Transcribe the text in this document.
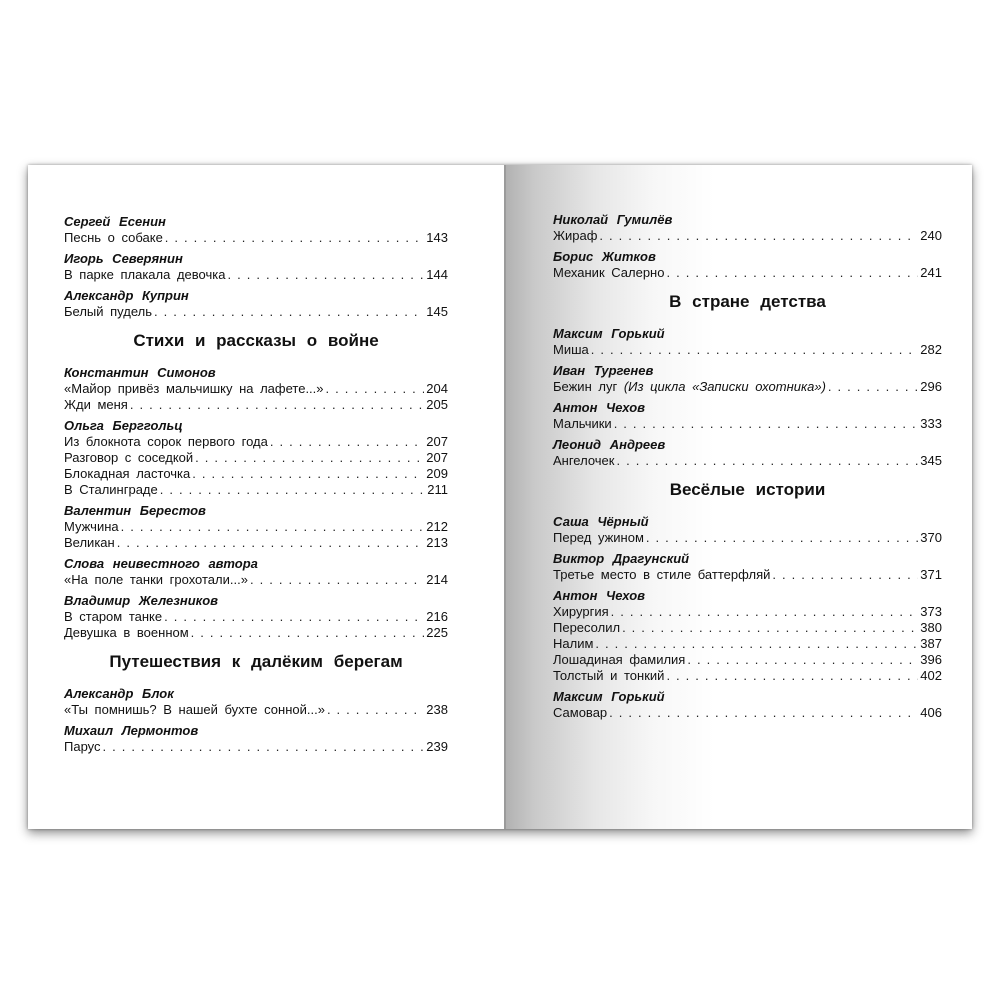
Сергей Есенин
Песнь о собаке . . .	143
Игорь Северянин
В парке плакала девочка . . .	144
Александр Куприн
Белый пудель . . .	145
Стихи и рассказы о войне
Константин Симонов
«Майор привёз мальчишку на лафете...» . . .	204
Жди меня . . .	205
Ольга Берггольц
Из блокнота сорок первого года . . .	207
Разговор с соседкой . . .	207
Блокадная ласточка . . .	209
В Сталинграде . . .	211
Валентин Берестов
Мужчина . . .	212
Великан . . .	213
Слова неивестного автора
«На поле танки грохотали...» . . .	214
Владимир Железников
В старом танке . . .	216
Девушка в военном . . .	225
Путешествия к далёким берегам
Александр Блок
«Ты помнишь? В нашей бухте сонной...» . . .	238
Михаил Лермонтов
Парус . . .	239
Николай Гумилёв
Жираф . . .	240
Борис Житков
Механик Салерно . . .	241
В стране детства
Максим Горький
Миша . . .	282
Иван Тургенев
Бежин луг (Из цикла «Записки охотника») . . .	296
Антон Чехов
Мальчики . . .	333
Леонид Андреев
Ангелочек . . .	345
Весёлые истории
Саша Чёрный
Перед ужином . . .	370
Виктор Драгунский
Третье место в стиле баттерфляй . . .	371
Антон Чехов
Хирургия . . .	373
Пересолил . . .	380
Налим . . .	387
Лошадиная фамилия . . .	396
Толстый и тонкий . . .	402
Максим Горький
Самовар . . .	406
